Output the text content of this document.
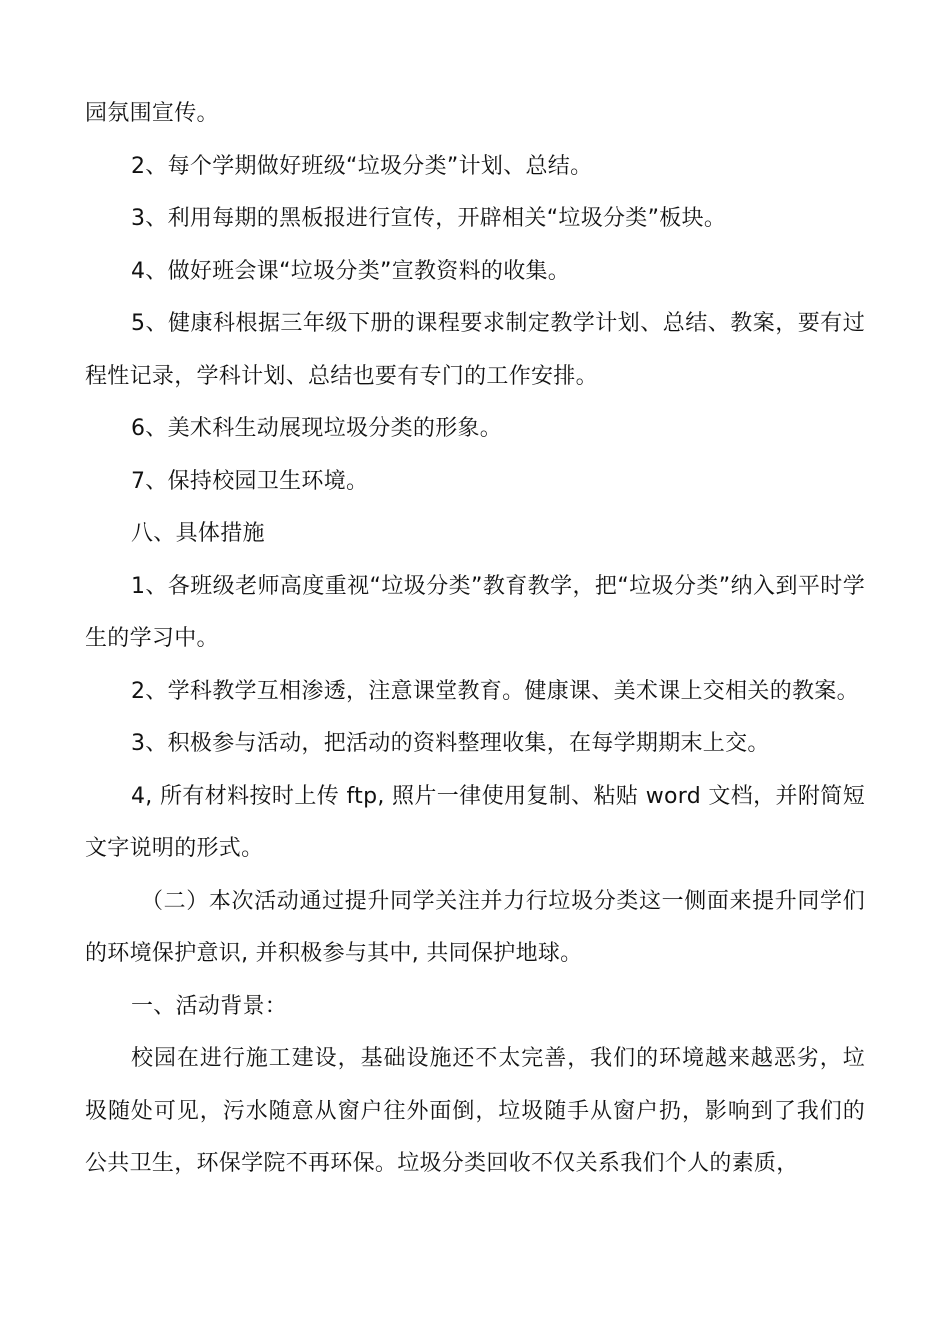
园氛围宣传。

2、每个学期做好班级“垃圾分类”计划、总结。

3、利用每期的黑板报进行宣传，开辟相关“垃圾分类”板块。

4、做好班会课“垃圾分类”宣教资料的收集。

5、健康科根据三年级下册的课程要求制定教学计划、总结、教案，要有过程性记录，学科计划、总结也要有专门的工作安排。

6、美术科生动展现垃圾分类的形象。

7、保持校园卫生环境。

八、具体措施

1、各班级老师高度重视“垃圾分类”教育教学，把“垃圾分类”纳入到平时学生的学习中。

2、学科教学互相渗透，注意课堂教育。健康课、美术课上交相关的教案。

3、积极参与活动，把活动的资料整理收集，在每学期期末上交。

4, 所有材料按时上传 ftp, 照片一律使用复制、粘贴 word 文档，并附简短文字说明的形式。

（二）本次活动通过提升同学关注并力行垃圾分类这一侧面来提升同学们的环境保护意识, 并积极参与其中, 共同保护地球。

一、活动背景：

校园在进行施工建设，基础设施还不太完善，我们的环境越来越恶劣，垃圾随处可见，污水随意从窗户往外面倒，垃圾随手从窗户扔，影响到了我们的公共卫生，环保学院不再环保。垃圾分类回收不仅关系我们个人的素质，
